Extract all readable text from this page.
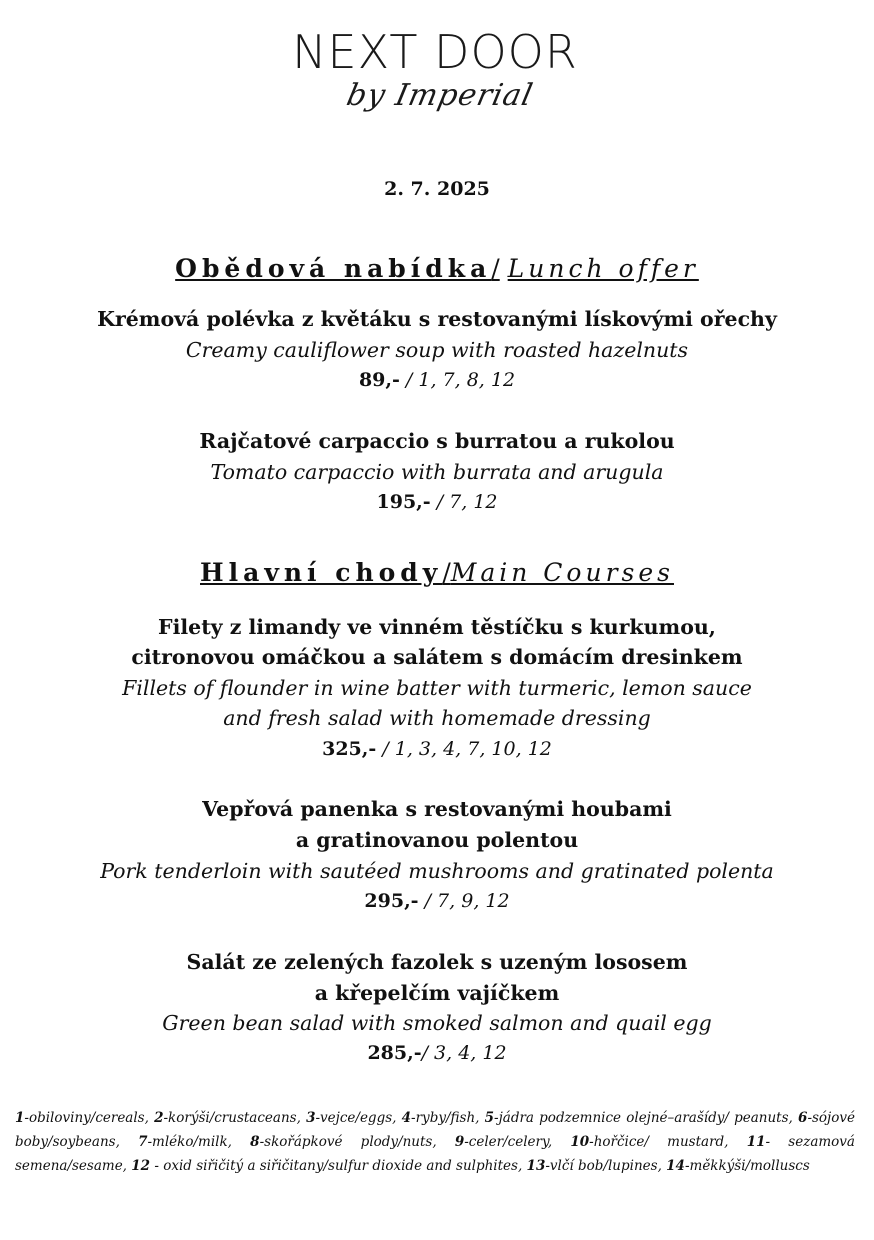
NEXT DOOR
by Imperial
2. 7. 2025
Obědová nabídka/ Lunch offer
Krémová polévka z květáku s restovanými lískovými ořechy
Creamy cauliflower soup with roasted hazelnuts
89,- / 1, 7, 8, 12
Rajčatové carpaccio s burratou a rukolou
Tomato carpaccio with burrata and arugula
195,- / 7, 12
Hlavní chody/Main Courses
Filety z limandy ve vinném těstíčku s kurkumou,
citronovou omáčkou a salátem s domácím dresinkem
Fillets of flounder in wine batter with turmeric, lemon sauce
and fresh salad with homemade dressing
325,- / 1, 3, 4, 7, 10, 12
Vepřová panenka s restovanými houbami
a gratinovanou polentou
Pork tenderloin with sautéed mushrooms and gratinated polenta
295,- / 7, 9, 12
Salát ze zelených fazolek s uzeným lososem
a křepelčím vajíčkem
Green bean salad with smoked salmon and quail egg
285,-/ 3, 4, 12
1-obiloviny/cereals, 2-korýši/crustaceans, 3-vejce/eggs, 4-ryby/fish, 5-jádra podzemnice olejné–arašídy/ peanuts, 6-sójové boby/soybeans, 7-mléko/milk, 8-skořápkové plody/nuts, 9-celer/celery, 10-hořčice/ mustard, 11- sezamová semena/sesame, 12 - oxid siřičitý a siřičitany/sulfur dioxide and sulphites, 13-vlčí bob/lupines, 14-měkkýši/molluscs
